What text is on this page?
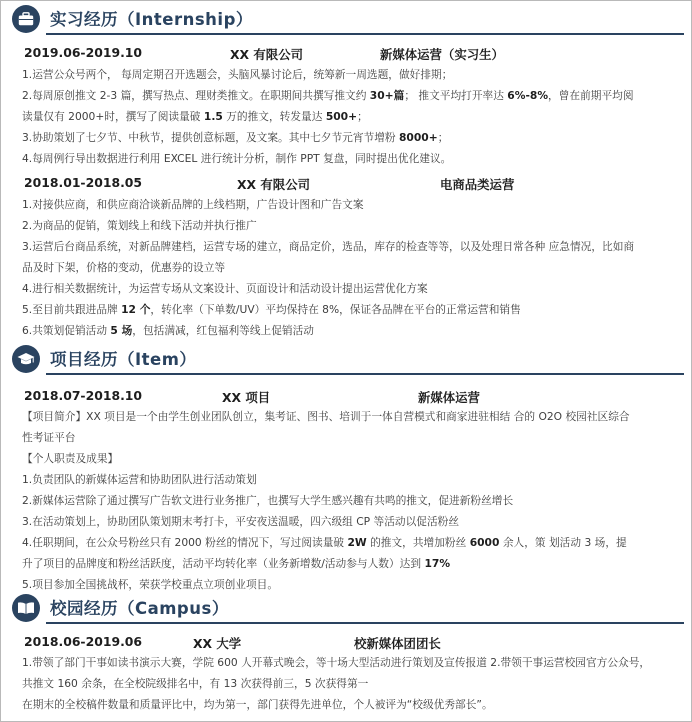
实习经历（Internship）
2019.06-2019.10	XX 有限公司	新媒体运营（实习生）

1.运营公众号两个， 每周定期召开选题会，头脑风暴讨论后，统筹新一周选题，做好排期；

2.每周原创推文 2-3 篇，撰写热点、理财类推文。在职期间共撰写推文约 30+篇； 推文平均打开率达 6%-8%，曾在前期平均阅

读量仅有 2000+时，撰写了阅读量破 1.5 万的推文，转发量达 500+；

3.协助策划了七夕节、中秋节，提供创意标题，及文案。其中七夕节元宵节增粉 8000+；

4.每周例行导出数据进行利用 EXCEL 进行统计分析，制作 PPT 复盘，同时提出优化建议。

2018.01-2018.05	XX 有限公司	电商品类运营

1.对接供应商，和供应商洽谈新品牌的上线档期，广告设计图和广告文案

2.为商品的促销，策划线上和线下活动并执行推广

3.运营后台商品系统，对新品牌建档，运营专场的建立，商品定价，选品，库存的检查等等，以及处理日常各种 应急情况，比如商

品及时下架，价格的变动，优惠券的设立等

4.进行相关数据统计，为运营专场从文案设计、页面设计和活动设计提出运营优化方案

5.至目前共跟进品牌 12 个，转化率（下单数/UV）平均保持在 8%，保证各品牌在平台的正常运营和销售

6.共策划促销活动 5 场，包括满减，红包福利等线上促销活动

项目经历（Item）
2018.07-2018.10	XX 项目	新媒体运营

【项目简介】XX 项目是一个由学生创业团队创立，集考证、图书、培训于一体自营模式和商家进驻相结 合的 O2O 校园社区综合

性考证平台

【个人职责及成果】

1.负责团队的新媒体运营和协助团队进行活动策划

2.新媒体运营除了通过撰写广告软文进行业务推广，也撰写大学生感兴趣有共鸣的推文，促进新粉丝增长

3.在活动策划上，协助团队策划期末考打卡，平安夜送温暖，四六级组 CP 等活动以促活粉丝

4.任职期间，在公众号粉丝只有 2000 粉丝的情况下，写过阅读量破 2W 的推文，共增加粉丝 6000 余人，策 划活动 3 场，提

升了项目的品牌度和粉丝活跃度，活动平均转化率（业务新增数/活动参与人数）达到 17%

5.项目参加全国挑战杯，荣获学校重点立项创业项目。

校园经历（Campus）
2018.06-2019.06	XX 大学	校新媒体团团长

1.带领了部门干事如读书演示大赛，学院 600 人开幕式晚会，等十场大型活动进行策划及宣传报道 2.带领干事运营校园官方公众号，

共推文 160 余条，在全校院级排名中，有 13 次获得前三，5 次获得第一

在期末的全校稿件数量和质量评比中，均为第一，部门获得先进单位，个人被评为“校级优秀部长”。
